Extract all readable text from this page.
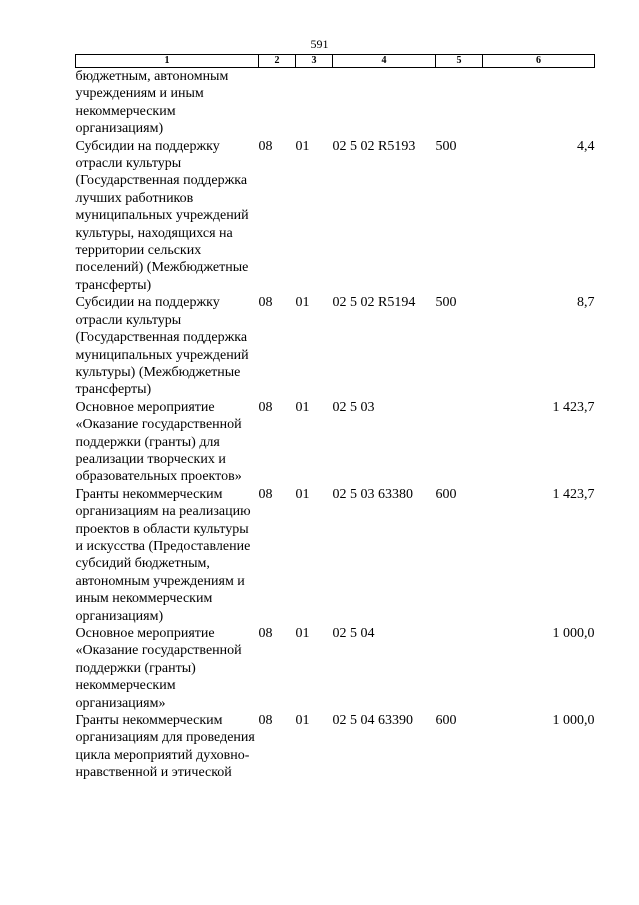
591
1	2	3	4	5	6
бюджетным, автономным учреждениям и иным некоммерческим организациям)					
Субсидии на поддержку отрасли культуры (Государственная поддержка лучших работников муниципальных учреждений культуры, находящихся на территории сельских поселений) (Межбюджетные трансферты)	08	01	02 5 02 R5193	500	4,4
Субсидии на поддержку отрасли культуры (Государственная поддержка муниципальных учреждений культуры) (Межбюджетные трансферты)	08	01	02 5 02 R5194	500	8,7
Основное мероприятие «Оказание государственной поддержки (гранты) для реализации творческих и образовательных проектов»	08	01	02 5 03		1 423,7
Гранты некоммерческим организациям на реализацию проектов в области культуры и искусства (Предоставление субсидий бюджетным, автономным учреждениям и иным некоммерческим организациям)	08	01	02 5 03 63380	600	1 423,7
Основное мероприятие «Оказание государственной поддержки (гранты) некоммерческим организациям»	08	01	02 5 04		1 000,0
Гранты некоммерческим организациям для проведения цикла мероприятий духовно-нравственной и этической	08	01	02 5 04 63390	600	1 000,0
